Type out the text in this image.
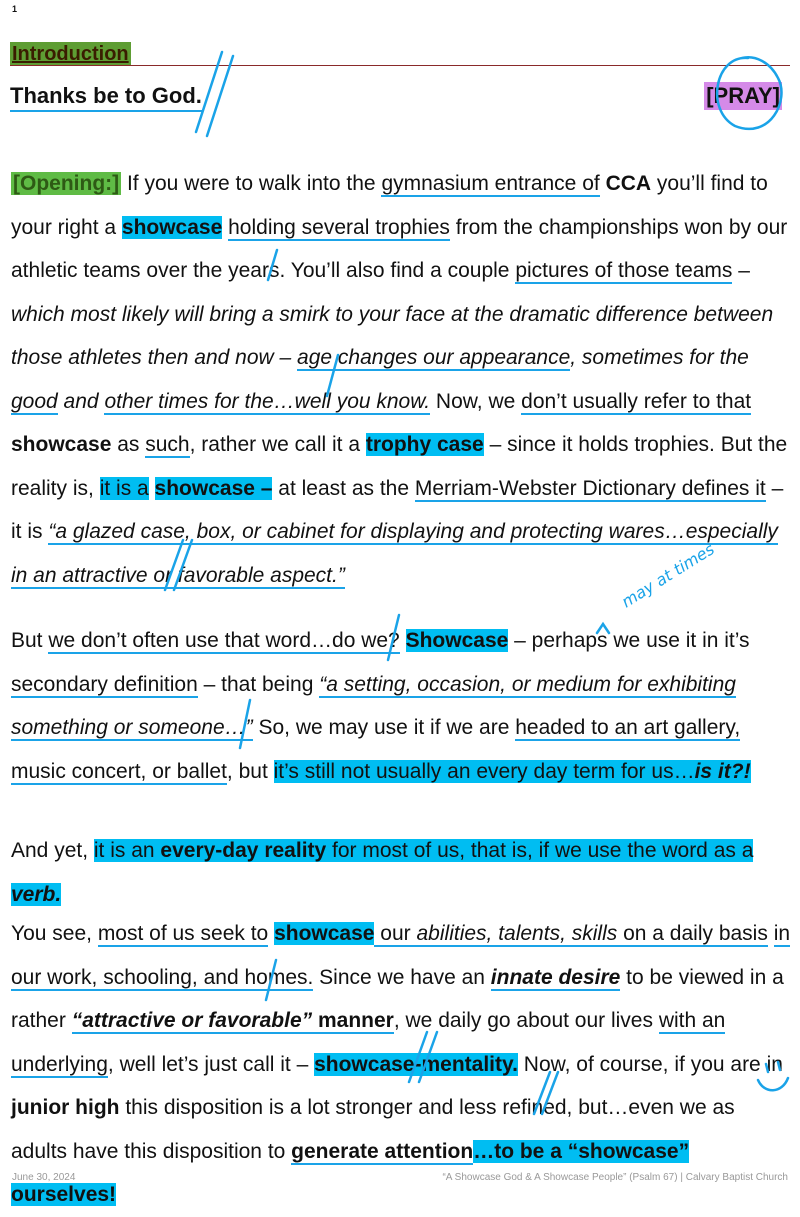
1
Introduction
Thanks be to God.	[PRAY]
[Opening:] If you were to walk into the gymnasium entrance of CCA you’ll find to your right a showcase holding several trophies from the championships won by our athletic teams over the years. You’ll also find a couple pictures of those teams – which most likely will bring a smirk to your face at the dramatic difference between those athletes then and now – age changes our appearance, sometimes for the good and other times for the…well you know. Now, we don’t usually refer to that showcase as such, rather we call it a trophy case – since it holds trophies. But the reality is, it is a showcase – at least as the Merriam-Webster Dictionary defines it – it is “a glazed case, box, or cabinet for displaying and protecting wares…especially in an attractive or favorable aspect.”
But we don’t often use that word…do we? Showcase – perhaps we use it in it’s secondary definition – that being “a setting, occasion, or medium for exhibiting something or someone…” So, we may use it if we are headed to an art gallery, music concert, or ballet, but it’s still not usually an every day term for us…is it?!
And yet, it is an every-day reality for most of us, that is, if we use the word as a verb.
You see, most of us seek to showcase our abilities, talents, skills on a daily basis in our work, schooling, and homes. Since we have an innate desire to be viewed in a rather “attractive or favorable” manner, we daily go about our lives with an underlying, well let’s just call it – showcase-mentality. Now, of course, if you are in junior high this disposition is a lot stronger and less refined, but…even we as adults have this disposition to generate attention…to be a “showcase” ourselves!
may at times
June 30, 2024	“A Showcase God & A Showcase People” (Psalm 67) | Calvary Baptist Church
